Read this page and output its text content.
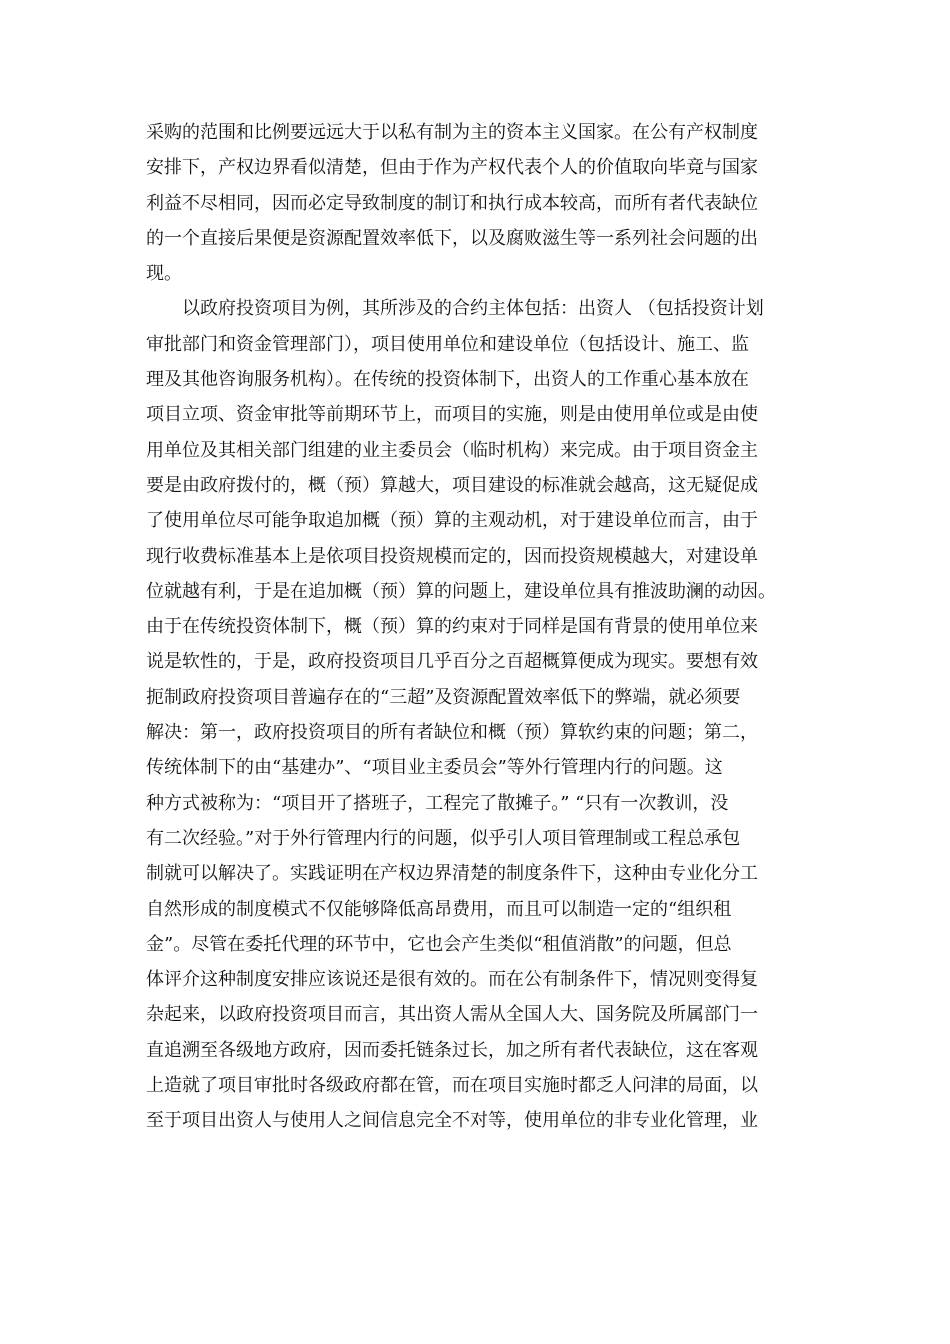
采购的范围和比例要远远大于以私有制为主的资本主义国家。在公有产权制度
安排下，产权边界看似清楚，但由于作为产权代表个人的价值取向毕竟与国家
利益不尽相同，因而必定导致制度的制订和执行成本较高，而所有者代表缺位
的一个直接后果便是资源配置效率低下，以及腐败滋生等一系列社会问题的出
现。
　　以政府投资项目为例，其所涉及的合约主体包括：出资人 （包括投资计划
审批部门和资金管理部门），项目使用单位和建设单位（包括设计、施工、监
理及其他咨询服务机构）。在传统的投资体制下，出资人的工作重心基本放在
项目立项、资金审批等前期环节上，而项目的实施，则是由使用单位或是由使
用单位及其相关部门组建的业主委员会（临时机构）来完成。由于项目资金主
要是由政府拨付的，概（预）算越大，项目建设的标准就会越高，这无疑促成
了使用单位尽可能争取追加概（预）算的主观动机，对于建设单位而言，由于
现行收费标准基本上是依项目投资规模而定的，因而投资规模越大，对建设单
位就越有利，于是在追加概（预）算的问题上，建设单位具有推波助澜的动因。
由于在传统投资体制下，概（预）算的约束对于同样是国有背景的使用单位来
说是软性的，于是，政府投资项目几乎百分之百超概算便成为现实。要想有效
扼制政府投资项目普遍存在的“三超”及资源配置效率低下的弊端，就必须要
解决：第一，政府投资项目的所有者缺位和概（预）算软约束的问题；第二，
传统体制下的由“基建办”、“项目业主委员会”等外行管理内行的问题。这
种方式被称为：“项目开了搭班子，工程完了散摊子。” “只有一次教训，没
有二次经验。”对于外行管理内行的问题，似乎引人项目管理制或工程总承包
制就可以解决了。实践证明在产权边界清楚的制度条件下，这种由专业化分工
自然形成的制度模式不仅能够降低高昂费用，而且可以制造一定的“组织租
金”。尽管在委托代理的环节中，它也会产生类似“租值消散”的问题，但总
体评介这种制度安排应该说还是很有效的。而在公有制条件下，情况则变得复
杂起来，以政府投资项目而言，其出资人需从全国人大、国务院及所属部门一
直追溯至各级地方政府，因而委托链条过长，加之所有者代表缺位，这在客观
上造就了项目审批时各级政府都在管，而在项目实施时都乏人问津的局面，以
至于项目出资人与使用人之间信息完全不对等，使用单位的非专业化管理，业
